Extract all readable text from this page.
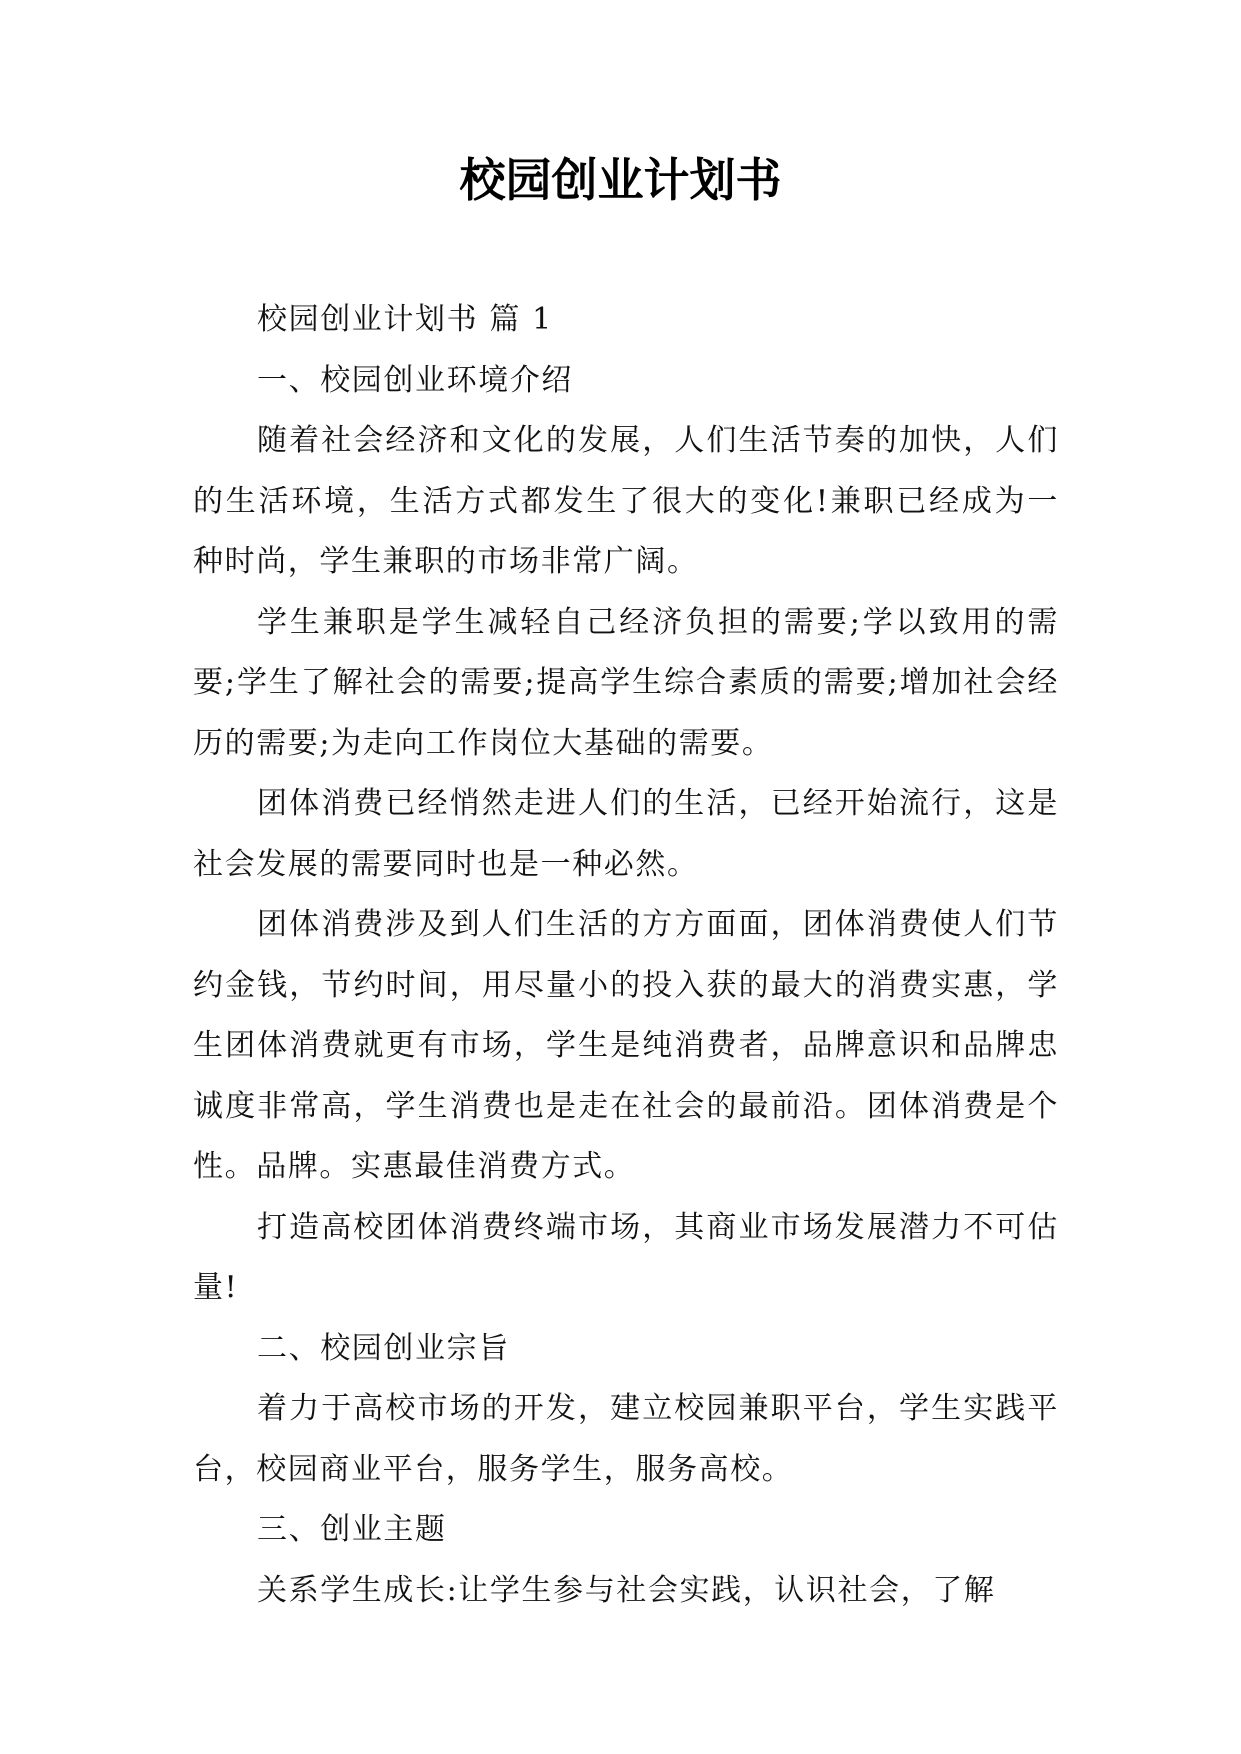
校园创业计划书

校园创业计划书 篇 1

一、校园创业环境介绍

随着社会经济和文化的发展，人们生活节奏的加快，人们的生活环境，生活方式都发生了很大的变化!兼职已经成为一种时尚，学生兼职的市场非常广阔。

学生兼职是学生减轻自己经济负担的需要;学以致用的需要;学生了解社会的需要;提高学生综合素质的需要;增加社会经历的需要;为走向工作岗位大基础的需要。

团体消费已经悄然走进人们的生活，已经开始流行，这是社会发展的需要同时也是一种必然。

团体消费涉及到人们生活的方方面面，团体消费使人们节约金钱，节约时间，用尽量小的投入获的最大的消费实惠，学生团体消费就更有市场，学生是纯消费者，品牌意识和品牌忠诚度非常高，学生消费也是走在社会的最前沿。团体消费是个性。品牌。实惠最佳消费方式。

打造高校团体消费终端市场，其商业市场发展潜力不可估量!

二、校园创业宗旨

着力于高校市场的开发，建立校园兼职平台，学生实践平台，校园商业平台，服务学生，服务高校。

三、创业主题

关系学生成长:让学生参与社会实践，认识社会，了解
